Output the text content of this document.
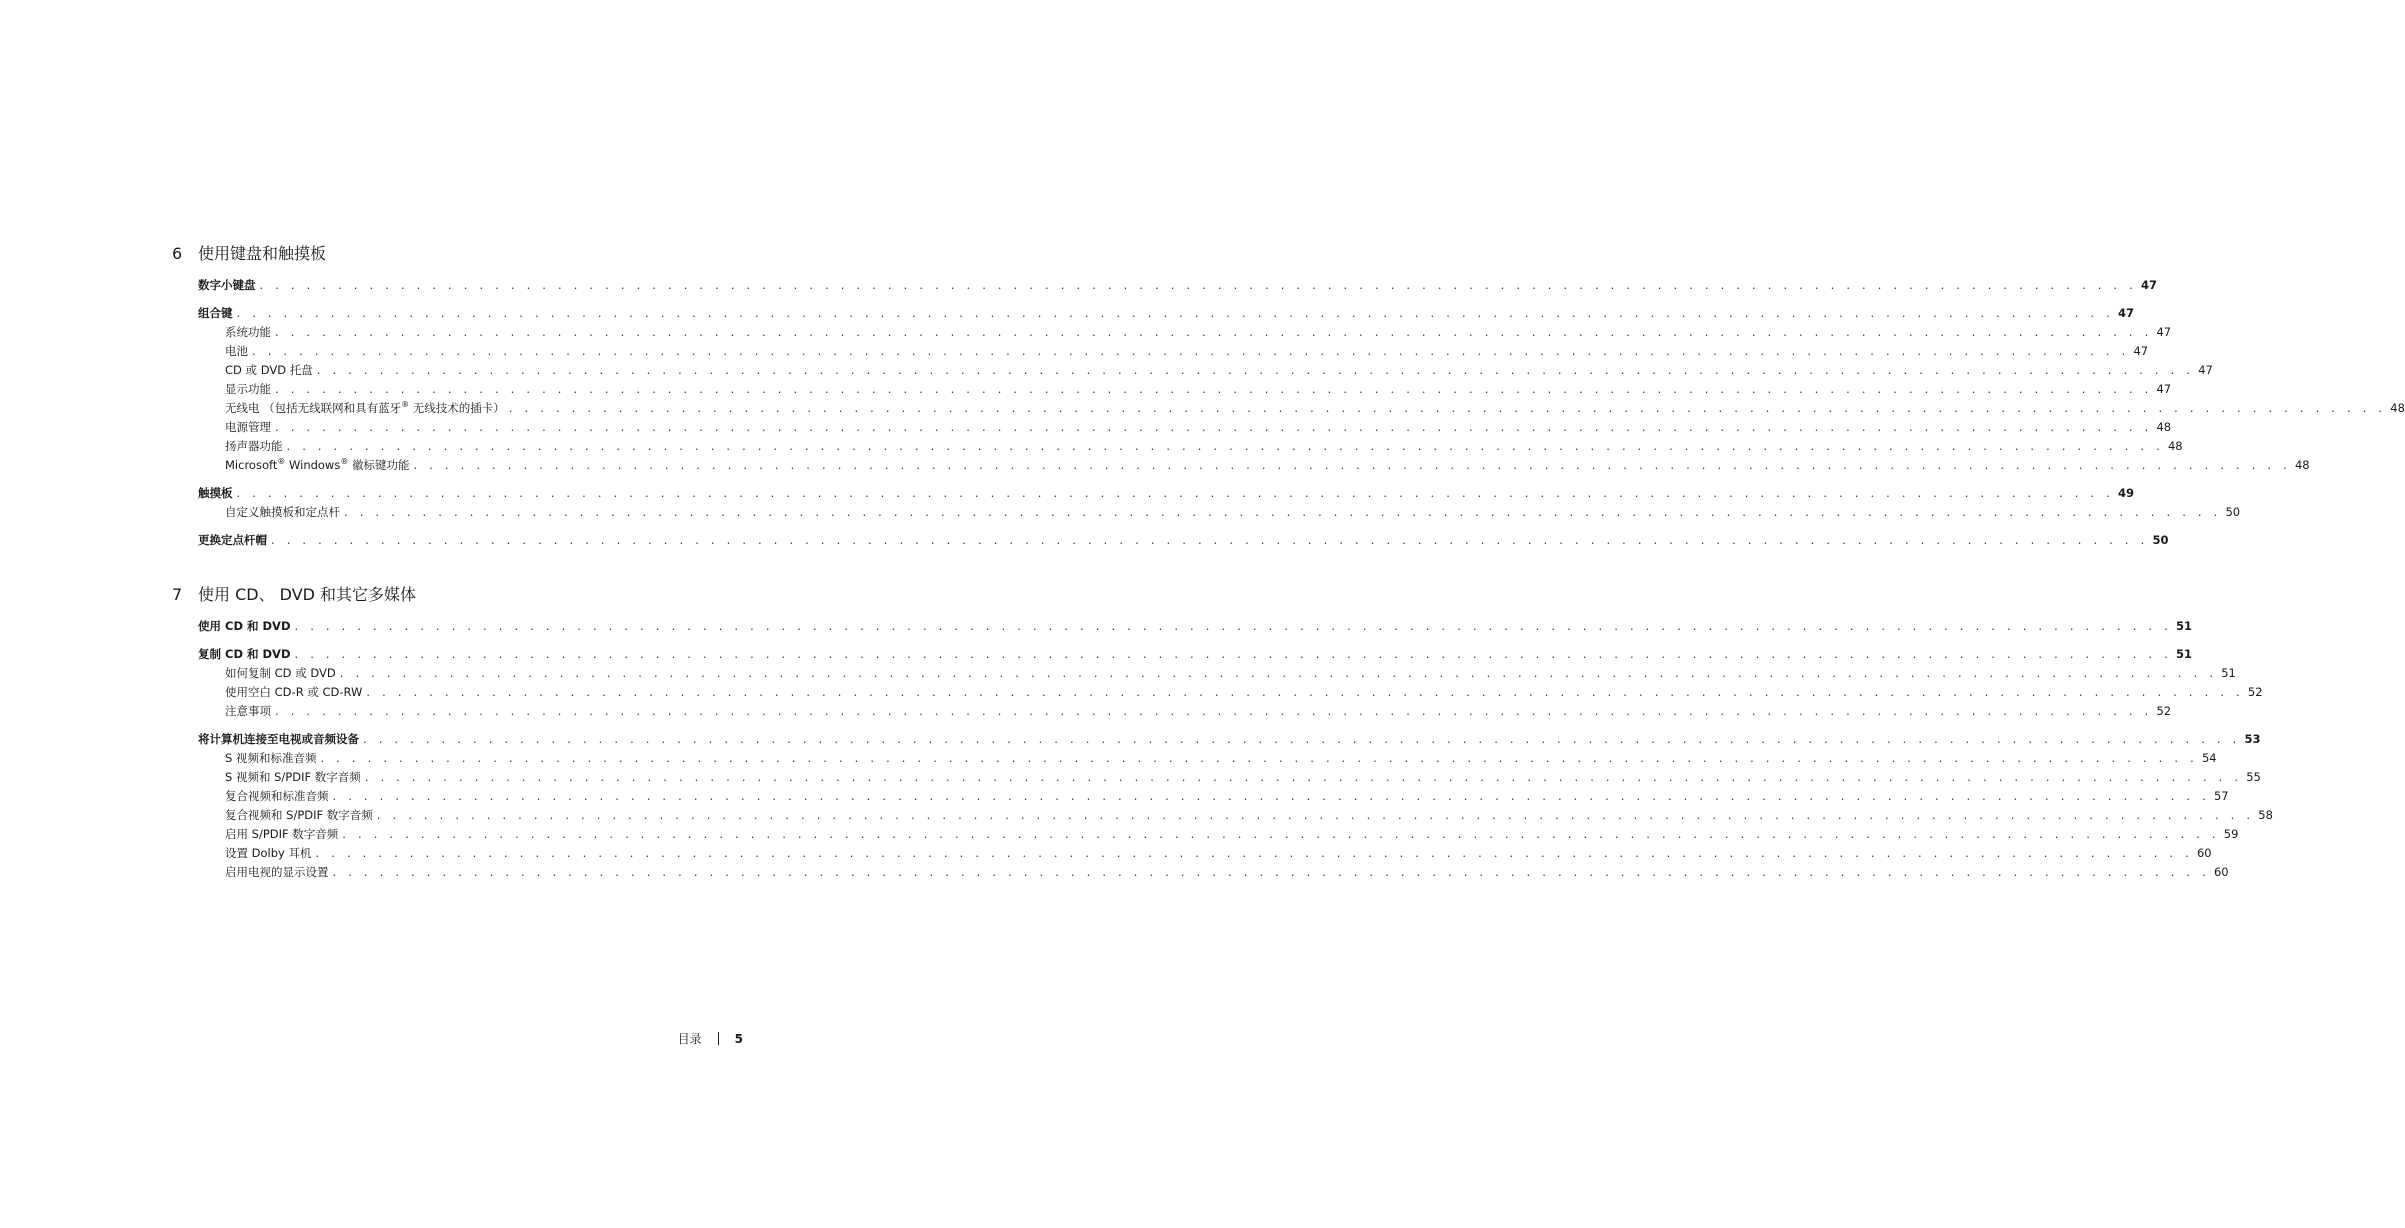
6 使用键盘和触摸板
数字小键盘 . . . . . . . . . . . . . . . . . . . . . . . . . . . . . . . . . . . . . . . . . . . . . . . . . . . . . . . . . . . . . . . . . . . . . . . . . . . . . . . . . . . . . . . . . . . . . . . . . . . . . . . . . . . . . . . . . . . . . . . . 47
组合键 . . . . . . . . . . . . . . . . . . . . . . . . . . . . . . . . . . . . . . . . . . . . . . . . . . . . . . . . . . . . . . . . . . . . . . . . . . . . . . . . . . . . . . . . . . . . . . . . . . . . . . . . . . . . . . . . . . . . . . . . 47
系统功能 . . . . . . . . . . . . . . . . . . . . . . . . . . . . . . . . . . . . . . . . . . . . . . . . . . . . . . . . . . . . . . . . . . . . . . . . . . . . . . . . . . . . . . . . . . . . . . . . . . . . . . . . . . . . . . . . . . . . . . . . 47
电池 . . . . . . . . . . . . . . . . . . . . . . . . . . . . . . . . . . . . . . . . . . . . . . . . . . . . . . . . . . . . . . . . . . . . . . . . . . . . . . . . . . . . . . . . . . . . . . . . . . . . . . . . . . . . . . . . . . . . . . . . 47
CD 或 DVD 托盘 . . . . . . . . . . . . . . . . . . . . . . . . . . . . . . . . . . . . . . . . . . . . . . . . . . . . . . . . . . . . . . . . . . . . . . . . . . . . . . . . . . . . . . . . . . . . . . . . . . . . . . . . . . . . . . . . . . . . . . . . 47
显示功能 . . . . . . . . . . . . . . . . . . . . . . . . . . . . . . . . . . . . . . . . . . . . . . . . . . . . . . . . . . . . . . . . . . . . . . . . . . . . . . . . . . . . . . . . . . . . . . . . . . . . . . . . . . . . . . . . . . . . . . . . 47
无线电 （包括无线联网和具有蓝牙® 无线技术的插卡） . . . . . . . . . . . . . . . . . . . . . . . . . . . . . . . . . . . . . . . . . . . . . . . . . . . . . . . . . . . . . . . . . . . . . . . . . . . . . . . . . . . . . . . . . . . . . . . . . . . . . . . . . . . . . . . . . . . . . . . . 48
电源管理 . . . . . . . . . . . . . . . . . . . . . . . . . . . . . . . . . . . . . . . . . . . . . . . . . . . . . . . . . . . . . . . . . . . . . . . . . . . . . . . . . . . . . . . . . . . . . . . . . . . . . . . . . . . . . . . . . . . . . . . . 48
扬声器功能 . . . . . . . . . . . . . . . . . . . . . . . . . . . . . . . . . . . . . . . . . . . . . . . . . . . . . . . . . . . . . . . . . . . . . . . . . . . . . . . . . . . . . . . . . . . . . . . . . . . . . . . . . . . . . . . . . . . . . . . . 48
Microsoft® Windows® 徽标键功能 . . . . . . . . . . . . . . . . . . . . . . . . . . . . . . . . . . . . . . . . . . . . . . . . . . . . . . . . . . . . . . . . . . . . . . . . . . . . . . . . . . . . . . . . . . . . . . . . . . . . . . . . . . . . . . . . . . . . . . . . 48
触摸板 . . . . . . . . . . . . . . . . . . . . . . . . . . . . . . . . . . . . . . . . . . . . . . . . . . . . . . . . . . . . . . . . . . . . . . . . . . . . . . . . . . . . . . . . . . . . . . . . . . . . . . . . . . . . . . . . . . . . . . . . 49
自定义触摸板和定点杆 . . . . . . . . . . . . . . . . . . . . . . . . . . . . . . . . . . . . . . . . . . . . . . . . . . . . . . . . . . . . . . . . . . . . . . . . . . . . . . . . . . . . . . . . . . . . . . . . . . . . . . . . . . . . . . . . . . . . . . . . 50
更换定点杆帽 . . . . . . . . . . . . . . . . . . . . . . . . . . . . . . . . . . . . . . . . . . . . . . . . . . . . . . . . . . . . . . . . . . . . . . . . . . . . . . . . . . . . . . . . . . . . . . . . . . . . . . . . . . . . . . . . . . . . . . . . 50
7 使用 CD、 DVD 和其它多媒体
使用 CD 和 DVD . . . . . . . . . . . . . . . . . . . . . . . . . . . . . . . . . . . . . . . . . . . . . . . . . . . . . . . . . . . . . . . . . . . . . . . . . . . . . . . . . . . . . . . . . . . . . . . . . . . . . . . . . . . . . . . . . . . . . . . . 51
复制 CD 和 DVD . . . . . . . . . . . . . . . . . . . . . . . . . . . . . . . . . . . . . . . . . . . . . . . . . . . . . . . . . . . . . . . . . . . . . . . . . . . . . . . . . . . . . . . . . . . . . . . . . . . . . . . . . . . . . . . . . . . . . . . . 51
如何复制 CD 或 DVD . . . . . . . . . . . . . . . . . . . . . . . . . . . . . . . . . . . . . . . . . . . . . . . . . . . . . . . . . . . . . . . . . . . . . . . . . . . . . . . . . . . . . . . . . . . . . . . . . . . . . . . . . . . . . . . . . . . . . . . . 51
使用空白 CD-R 或 CD-RW . . . . . . . . . . . . . . . . . . . . . . . . . . . . . . . . . . . . . . . . . . . . . . . . . . . . . . . . . . . . . . . . . . . . . . . . . . . . . . . . . . . . . . . . . . . . . . . . . . . . . . . . . . . . . . . . . . . . . . . . 52
注意事项 . . . . . . . . . . . . . . . . . . . . . . . . . . . . . . . . . . . . . . . . . . . . . . . . . . . . . . . . . . . . . . . . . . . . . . . . . . . . . . . . . . . . . . . . . . . . . . . . . . . . . . . . . . . . . . . . . . . . . . . . 52
将计算机连接至电视或音频设备 . . . . . . . . . . . . . . . . . . . . . . . . . . . . . . . . . . . . . . . . . . . . . . . . . . . . . . . . . . . . . . . . . . . . . . . . . . . . . . . . . . . . . . . . . . . . . . . . . . . . . . . . . . . . . . . . . . . . . . . . 53
S 视频和标准音频 . . . . . . . . . . . . . . . . . . . . . . . . . . . . . . . . . . . . . . . . . . . . . . . . . . . . . . . . . . . . . . . . . . . . . . . . . . . . . . . . . . . . . . . . . . . . . . . . . . . . . . . . . . . . . . . . . . . . . . . . 54
S 视频和 S/PDIF 数字音频 . . . . . . . . . . . . . . . . . . . . . . . . . . . . . . . . . . . . . . . . . . . . . . . . . . . . . . . . . . . . . . . . . . . . . . . . . . . . . . . . . . . . . . . . . . . . . . . . . . . . . . . . . . . . . . . . . . . . . . . . 55
复合视频和标准音频 . . . . . . . . . . . . . . . . . . . . . . . . . . . . . . . . . . . . . . . . . . . . . . . . . . . . . . . . . . . . . . . . . . . . . . . . . . . . . . . . . . . . . . . . . . . . . . . . . . . . . . . . . . . . . . . . . . . . . . . . 57
复合视频和 S/PDIF 数字音频 . . . . . . . . . . . . . . . . . . . . . . . . . . . . . . . . . . . . . . . . . . . . . . . . . . . . . . . . . . . . . . . . . . . . . . . . . . . . . . . . . . . . . . . . . . . . . . . . . . . . . . . . . . . . . . . . . . . . . . . . 58
启用 S/PDIF 数字音频 . . . . . . . . . . . . . . . . . . . . . . . . . . . . . . . . . . . . . . . . . . . . . . . . . . . . . . . . . . . . . . . . . . . . . . . . . . . . . . . . . . . . . . . . . . . . . . . . . . . . . . . . . . . . . . . . . . . . . . . . 59
设置 Dolby 耳机 . . . . . . . . . . . . . . . . . . . . . . . . . . . . . . . . . . . . . . . . . . . . . . . . . . . . . . . . . . . . . . . . . . . . . . . . . . . . . . . . . . . . . . . . . . . . . . . . . . . . . . . . . . . . . . . . . . . . . . . . 60
启用电视的显示设置 . . . . . . . . . . . . . . . . . . . . . . . . . . . . . . . . . . . . . . . . . . . . . . . . . . . . . . . . . . . . . . . . . . . . . . . . . . . . . . . . . . . . . . . . . . . . . . . . . . . . . . . . . . . . . . . . . . . . . . . . 60
目录	5
